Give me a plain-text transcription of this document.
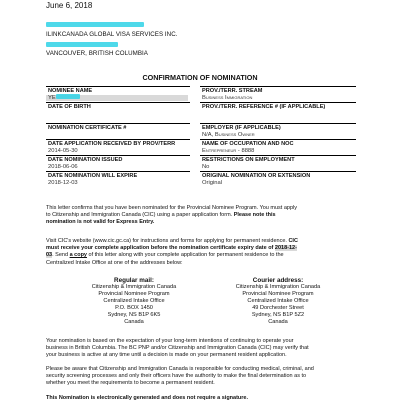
June 6, 2018
ILINKCANADA GLOBAL VISA SERVICES INC.
VANCOUVER, BRITISH COLUMBIA
CONFIRMATION OF NOMINATION
NOMINEE NAME
YE
PROV./TERR. STREAM
Business Immigration
DATE OF BIRTH	PROV./TERR. REFERENCE # (IF APPLICABLE)
NOMINATION CERTIFICATE #	EMPLOYER (IF APPLICABLE)
N/A, Business Owner
DATE APPLICATION RECEIVED BY PROV/TERR
2014-05-30
NAME OF OCCUPATION AND NOC
Entrepreneur - 8888
DATE NOMINATION ISSUED
2018-06-06
RESTRICTIONS ON EMPLOYMENT
No
DATE NOMINATION WILL EXPIRE
2018-12-03
ORIGINAL NOMINATION OR EXTENSION
Original
This letter confirms that you have been nominated for the Provincial Nominee Program. You must apply
to Citizenship and Immigration Canada (CIC) using a paper application form. Please note this
nomination is not valid for Express Entry.
Visit CIC's website (www.cic.gc.ca) for instructions and forms for applying for permanent residence. CIC
must receive your complete application before the nomination certificate expiry date of 2018-12-
03. Send a copy of this letter along with your complete application for permanent residence to the
Centralized Intake Office at one of the addresses below:
Regular mail:
Citizenship & Immigration Canada
Provincial Nominee Program
Centralized Intake Office
P.O. BOX 1450
Sydney, NS B1P 6K5
Canada
Courier address:
Citizenship & Immigration Canada
Provincial Nominee Program
Centralized Intake Office
49 Dorchester Street
Sydney, NS B1P 5Z2
Canada
Your nomination is based on the expectation of your long-term intentions of continuing to operate your
business in British Columbia. The BC PNP and/or Citizenship and Immigration Canada (CIC) may verify that
your business is active at any time until a decision is made on your permanent resident application.
Please be aware that Citizenship and Immigration Canada is responsible for conducting medical, criminal, and
security screening processes and only their officers have the authority to make the final determination as to
whether you meet the requirements to become a permanent resident.
This Nomination is electronically generated and does not require a signature.
